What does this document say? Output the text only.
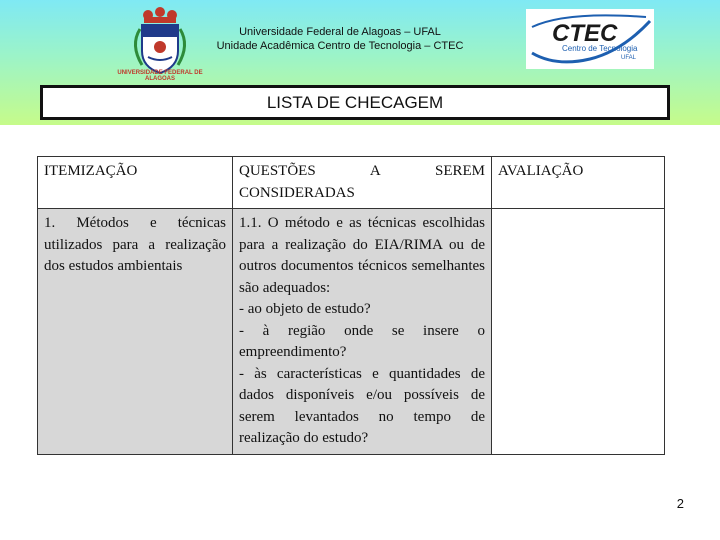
UNIVERSIDADE FEDERAL DE ALAGOAS
Universidade Federal de Alagoas – UFAL
Unidade Acadêmica Centro de Tecnologia – CTEC	CTEC
Centro de Tecnologia
UFAL
LISTA DE CHECAGEM
ITEMIZAÇÃO	QUESTÕES A SEREM CONSIDERADAS	AVALIAÇÃO
1. Métodos e técnicas utilizados para a realização dos estudos ambientais	1.1. O método e as técnicas escolhidas para a realização do EIA/RIMA ou de outros documentos técnicos semelhantes são adequados:
- ao objeto de estudo?
- à região onde se insere o empreendimento?
- às características e quantidades de dados disponíveis e/ou possíveis de serem levantados no tempo de realização do estudo?	

2
